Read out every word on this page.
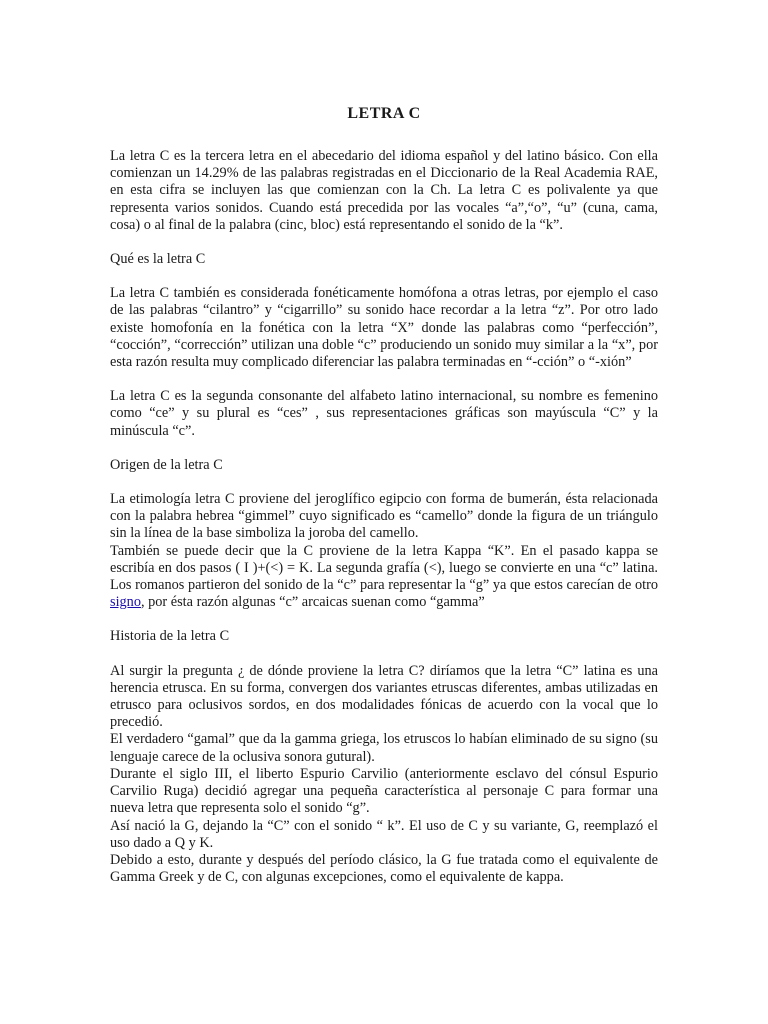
LETRA C

La letra C es la tercera letra en el abecedario del idioma español y del latino básico. Con ella comienzan un 14.29% de las palabras registradas en el Diccionario de la Real Academia RAE, en esta cifra se incluyen las que comienzan con la Ch. La letra C es polivalente ya que representa varios sonidos. Cuando está precedida por las vocales “a”,“o”, “u” (cuna, cama, cosa) o al final de la palabra (cinc, bloc) está representando el sonido de la “k”.

Qué es la letra C

La letra C también es considerada fonéticamente homófona a otras letras, por ejemplo el caso de las palabras “cilantro” y “cigarrillo” su sonido hace recordar a la letra “z”. Por otro lado existe homofonía en la fonética con la letra “X” donde las palabras como “perfección”, “cocción”, “corrección” utilizan una doble “c” produciendo un sonido muy similar a la “x”, por esta razón resulta muy complicado diferenciar las palabra terminadas en “-cción” o “-xión”

La letra C es la segunda consonante del alfabeto latino internacional, su nombre es femenino como “ce” y su plural es “ces” , sus representaciones gráficas son mayúscula “C” y la minúscula “c”.

Origen de la letra C

La etimología letra C proviene del jeroglífico egipcio con forma de bumerán, ésta relacionada con la palabra hebrea “gimmel” cuyo significado es “camello” donde la figura de un triángulo sin la línea de la base simboliza la joroba del camello.

También se puede decir que la C proviene de la letra Kappa “K”. En el pasado kappa se escribía en dos pasos ( I )+(<) = K. La segunda grafía (<), luego se convierte en una “c” latina. Los romanos partieron del sonido de la “c” para representar la “g” ya que estos carecían de otro signo, por ésta razón algunas “c” arcaicas suenan como “gamma”

Historia de la letra C

Al surgir la pregunta ¿ de dónde proviene la letra C? diríamos que la letra “C” latina es una herencia etrusca. En su forma, convergen dos variantes etruscas diferentes, ambas utilizadas en etrusco para oclusivos sordos, en dos modalidades fónicas de acuerdo con la vocal que lo precedió.

El verdadero “gamal” que da la gamma griega, los etruscos lo habían eliminado de su signo (su lenguaje carece de la oclusiva sonora gutural).

Durante el siglo III, el liberto Espurio Carvilio (anteriormente esclavo del cónsul Espurio Carvilio Ruga) decidió agregar una pequeña característica al personaje C para formar una nueva letra que representa solo el sonido “g”.

Así nació la G, dejando la “C” con el sonido “ k”. El uso de C y su variante, G, reemplazó el uso dado a Q y K.

Debido a esto, durante y después del período clásico, la G fue tratada como el equivalente de Gamma Greek y de C, con algunas excepciones, como el equivalente de kappa.
